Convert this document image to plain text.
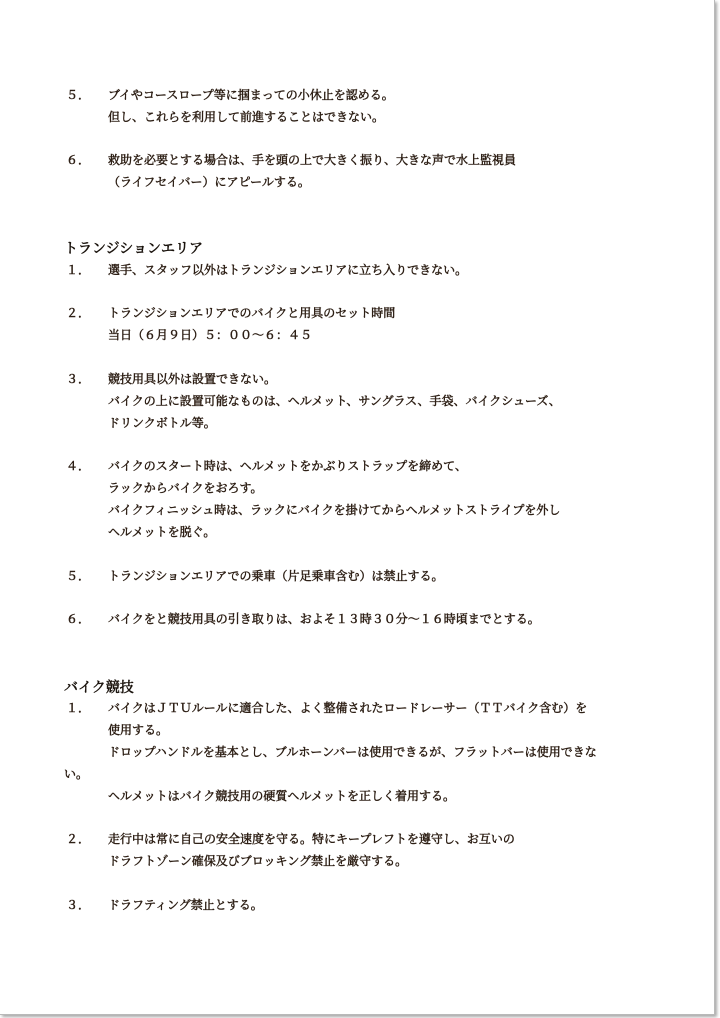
５． ブイやコースロープ等に掴まっての小休止を認める。
但し、これらを利用して前進することはできない。
６． 救助を必要とする場合は、手を頭の上で大きく振り、大きな声で水上監視員
（ライフセイバー）にアピールする。
トランジションエリア
１． 選手、スタッフ以外はトランジションエリアに立ち入りできない。
２． トランジションエリアでのバイクと用具のセット時間
当日（６月９日）５：００〜６：４５
３． 競技用具以外は設置できない。
バイクの上に設置可能なものは、ヘルメット、サングラス、手袋、バイクシューズ、
ドリンクボトル等。
４． バイクのスタート時は、ヘルメットをかぶりストラップを締めて、
ラックからバイクをおろす。
バイクフィニッシュ時は、ラックにバイクを掛けてからヘルメットストライプを外し
ヘルメットを脱ぐ。
５． トランジションエリアでの乗車（片足乗車含む）は禁止する。
６． バイクをと競技用具の引き取りは、およそ１３時３０分〜１６時頃までとする。
バイク競技
１． バイクはＪＴＵルールに適合した、よく整備されたロードレーサー（ＴＴバイク含む）を
使用する。
ドロップハンドルを基本とし、ブルホーンバーは使用できるが、フラットバーは使用できな
い。
ヘルメットはバイク競技用の硬質ヘルメットを正しく着用する。
２． 走行中は常に自己の安全速度を守る。特にキープレフトを遵守し、お互いの
ドラフトゾーン確保及びブロッキング禁止を厳守する。
３． ドラフティング禁止とする。
